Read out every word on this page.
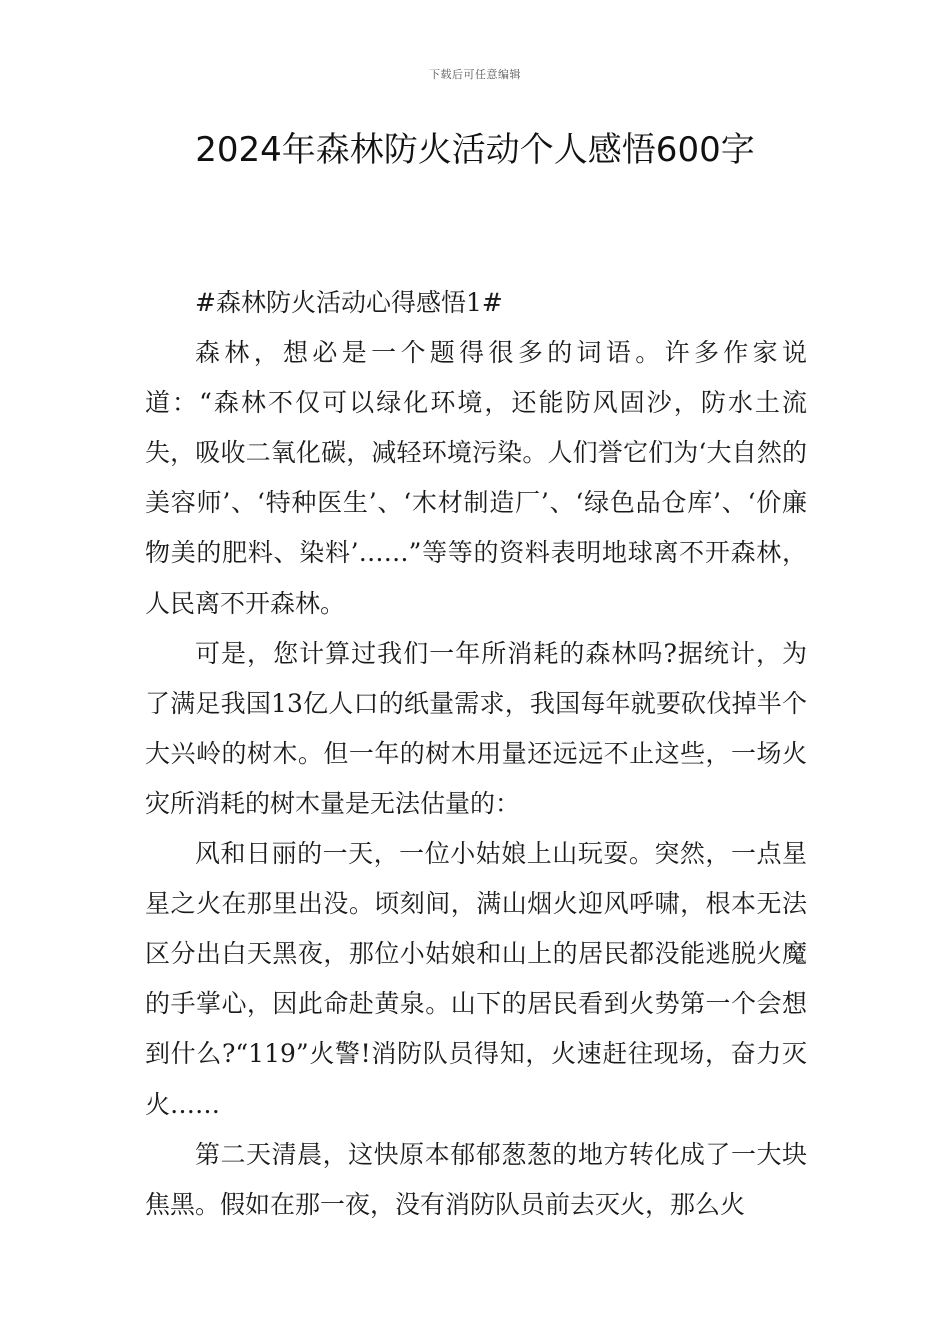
下载后可任意编辑
2024年森林防火活动个人感悟600字

#森林防火活动心得感悟1#

森林，想必是一个题得很多的词语。许多作家说道：“森林不仅可以绿化环境，还能防风固沙，防水土流失，吸收二氧化碳，减轻环境污染。人们誉它们为‘大自然的美容师’、‘特种医生’、‘木材制造厂’、‘绿色品仓库’、‘价廉物美的肥料、染料’……”等等的资料表明地球离不开森林，人民离不开森林。

可是，您计算过我们一年所消耗的森林吗?据统计，为了满足我国13亿人口的纸量需求，我国每年就要砍伐掉半个大兴岭的树木。但一年的树木用量还远远不止这些，一场火灾所消耗的树木量是无法估量的：

风和日丽的一天，一位小姑娘上山玩耍。突然，一点星星之火在那里出没。顷刻间，满山烟火迎风呼啸，根本无法区分出白天黑夜，那位小姑娘和山上的居民都没能逃脱火魔的手掌心，因此命赴黄泉。山下的居民看到火势第一个会想到什么?“119”火警!消防队员得知，火速赶往现场，奋力灭火……

第二天清晨，这快原本郁郁葱葱的地方转化成了一大块焦黑。假如在那一夜，没有消防队员前去灭火，那么火
